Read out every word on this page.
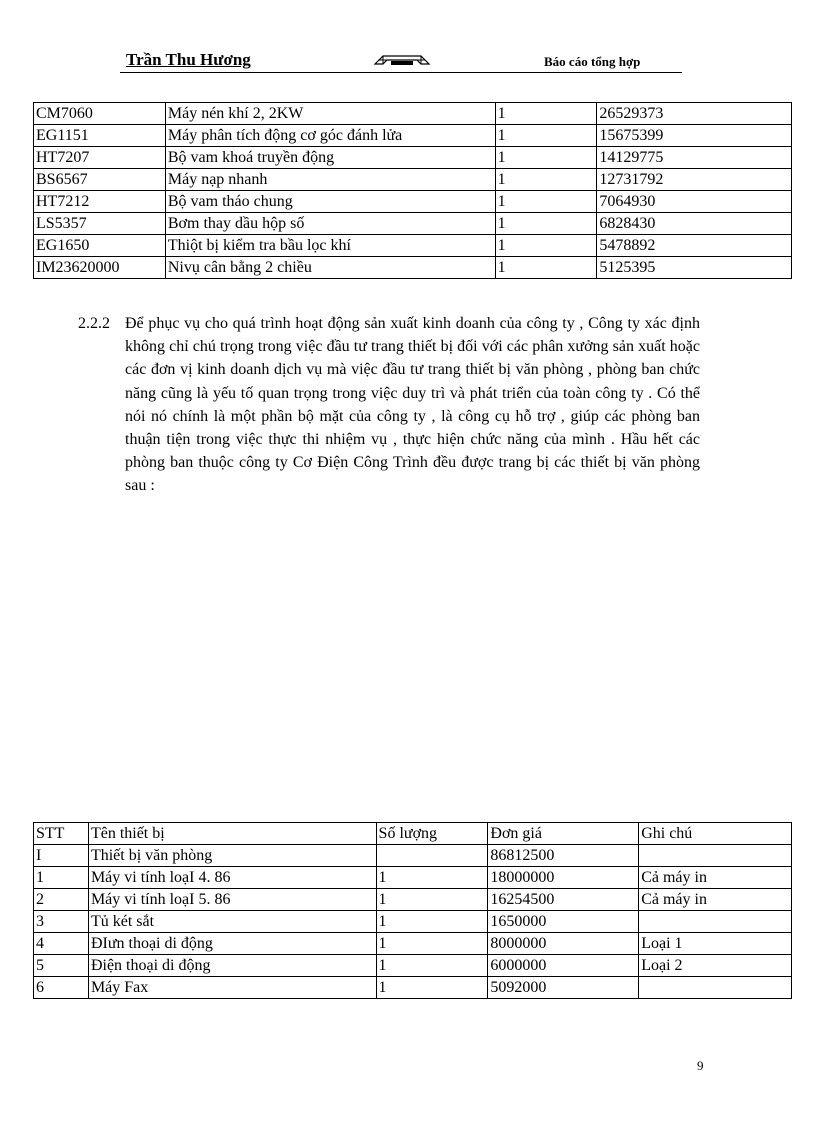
Trần Thu Hương	Báo cáo tổng hợp
CM7060	Máy nén khí 2, 2KW	1	26529373
EG1151	Máy phân tích động cơ góc đánh lửa	1	15675399
HT7207	Bộ vam khoá truyền động	1	14129775
BS6567	Máy nạp nhanh	1	12731792
HT7212	Bộ vam tháo chung	1	7064930
LS5357	Bơm thay dầu hộp số	1	6828430
EG1650	Thiột bị kiểm tra bầu lọc khí	1	5478892
IM23620000	Nivụ cân bằng 2 chiều	1	5125395
2.2.2 Để phục vụ cho quá trình hoạt động sản xuất kinh doanh của công ty , Công ty xác định không chỉ chú trọng trong việc đầu tư trang thiết bị đối với các phân xưởng sản xuất hoặc các đơn vị kinh doanh dịch vụ mà việc đầu tư trang thiết bị văn phòng , phòng ban chức năng cũng là yếu tố quan trọng trong việc duy trì và phát triển của toàn công ty . Có thể nói nó chính là một phần bộ mặt của công ty , là công cụ hỗ trợ , giúp các phòng ban thuận tiện trong việc thực thi nhiệm vụ , thực hiện chức năng của mình . Hầu hết các phòng ban thuộc công ty Cơ Điện Công Trình đều được trang bị các thiết bị văn phòng sau :
STT	Tên thiết bị	Số lượng	Đơn giá	Ghi chú
I	Thiết bị văn phòng		86812500	
1	Máy vi tính loạI 4. 86	1	18000000	Cả máy in
2	Máy vi tính loạI 5. 86	1	16254500	Cả máy in
3	Tủ két sắt	1	1650000	
4	ĐIưn thoại di động	1	8000000	Loại 1
5	Điện thoại di động	1	6000000	Loại 2
6	Máy Fax	1	5092000	
9
